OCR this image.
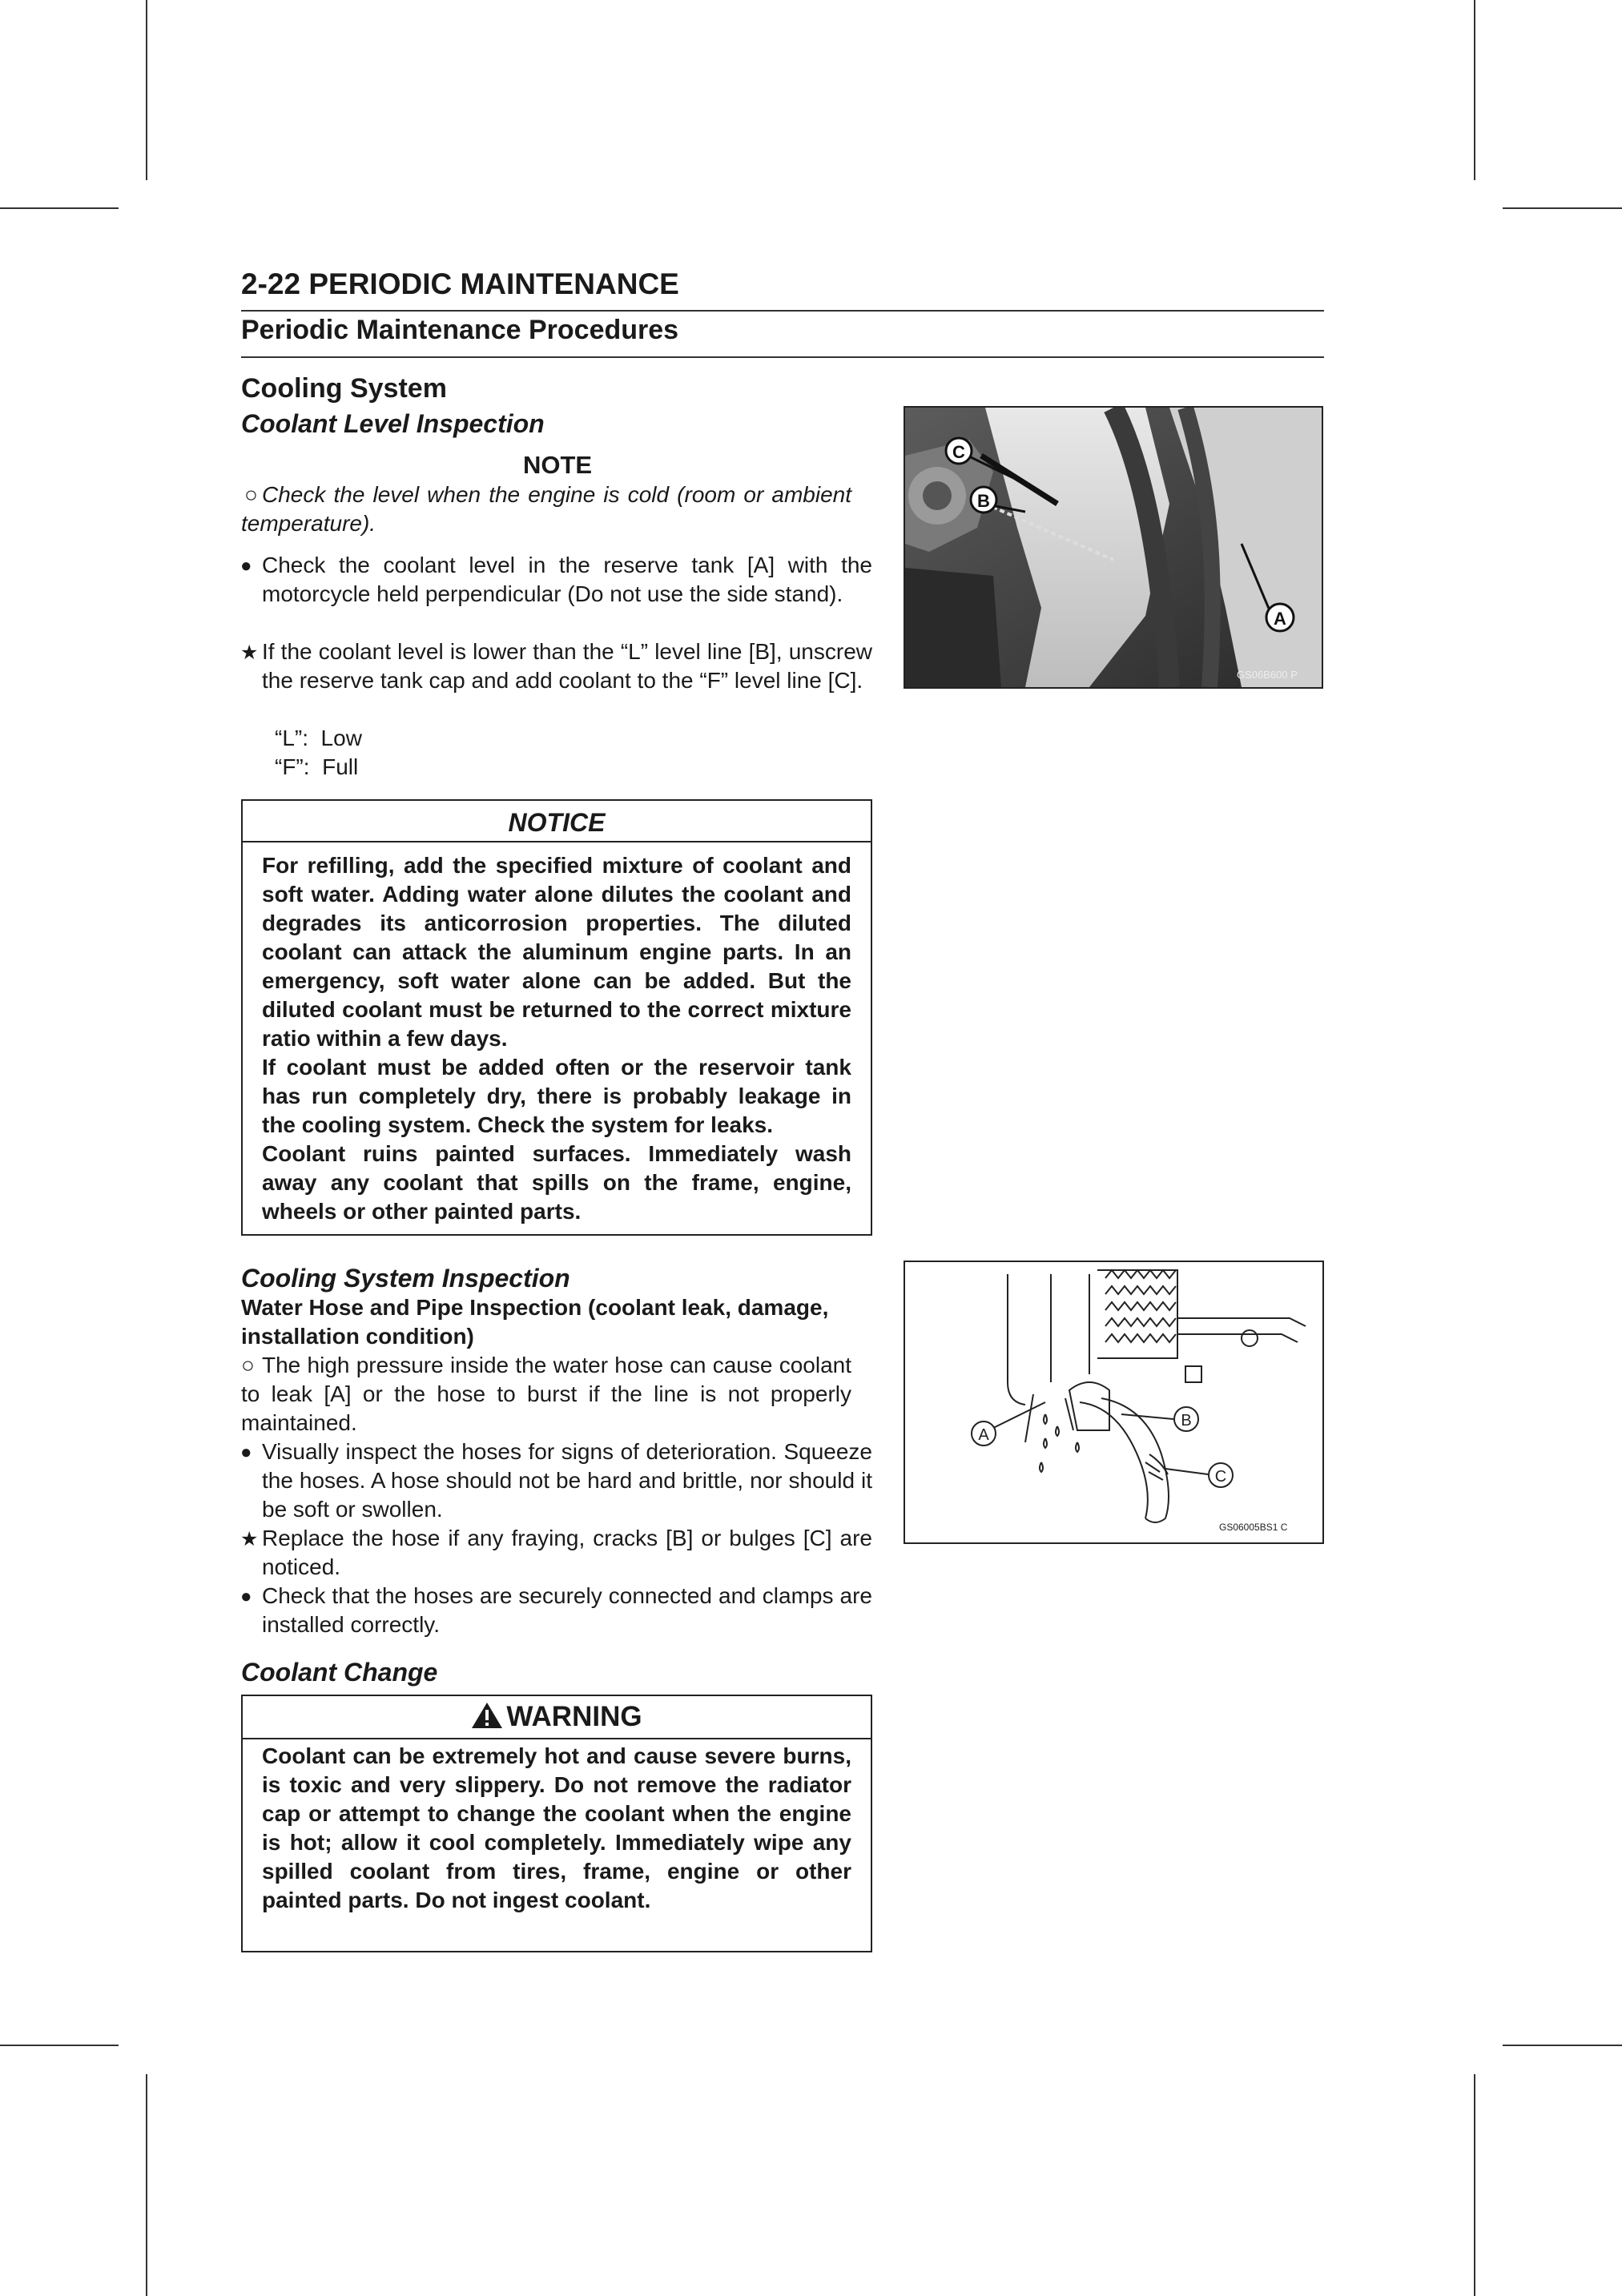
2-22 PERIODIC MAINTENANCE
Periodic Maintenance Procedures
Cooling System
Coolant Level Inspection
NOTE
○ Check the level when the engine is cold (room or ambient temperature).
● Check the coolant level in the reserve tank [A] with the motorcycle held perpendicular (Do not use the side stand).
★ If the coolant level is lower than the “L” level line [B], unscrew the reserve tank cap and add coolant to the “F” level line [C].
“L”:  Low
“F”:  Full
NOTICE
For refilling, add the specified mixture of coolant and soft water. Adding water alone dilutes the coolant and degrades its anticorrosion properties. The diluted coolant can attack the aluminum engine parts. In an emergency, soft water alone can be added. But the diluted coolant must be returned to the correct mixture ratio within a few days.
If coolant must be added often or the reservoir tank has run completely dry, there is probably leakage in the cooling system. Check the system for leaks.
Coolant ruins painted surfaces. Immediately wash away any coolant that spills on the frame, engine, wheels or other painted parts.
Cooling System Inspection
Water Hose and Pipe Inspection (coolant leak, damage, installation condition)
○ The high pressure inside the water hose can cause coolant to leak [A] or the hose to burst if the line is not properly maintained.
● Visually inspect the hoses for signs of deterioration. Squeeze the hoses. A hose should not be hard and brittle, nor should it be soft or swollen.
★ Replace the hose if any fraying, cracks [B] or bulges [C] are noticed.
● Check that the hoses are securely connected and clamps are installed correctly.
Coolant Change
WARNING
Coolant can be extremely hot and cause severe burns, is toxic and very slippery. Do not remove the radiator cap or attempt to change the coolant when the engine is hot; allow it cool completely. Immediately wipe any spilled coolant from tires, frame, engine or other painted parts. Do not ingest coolant.
C
B
A
GS06B600 P
A
B
C
GS06005BS1 C
